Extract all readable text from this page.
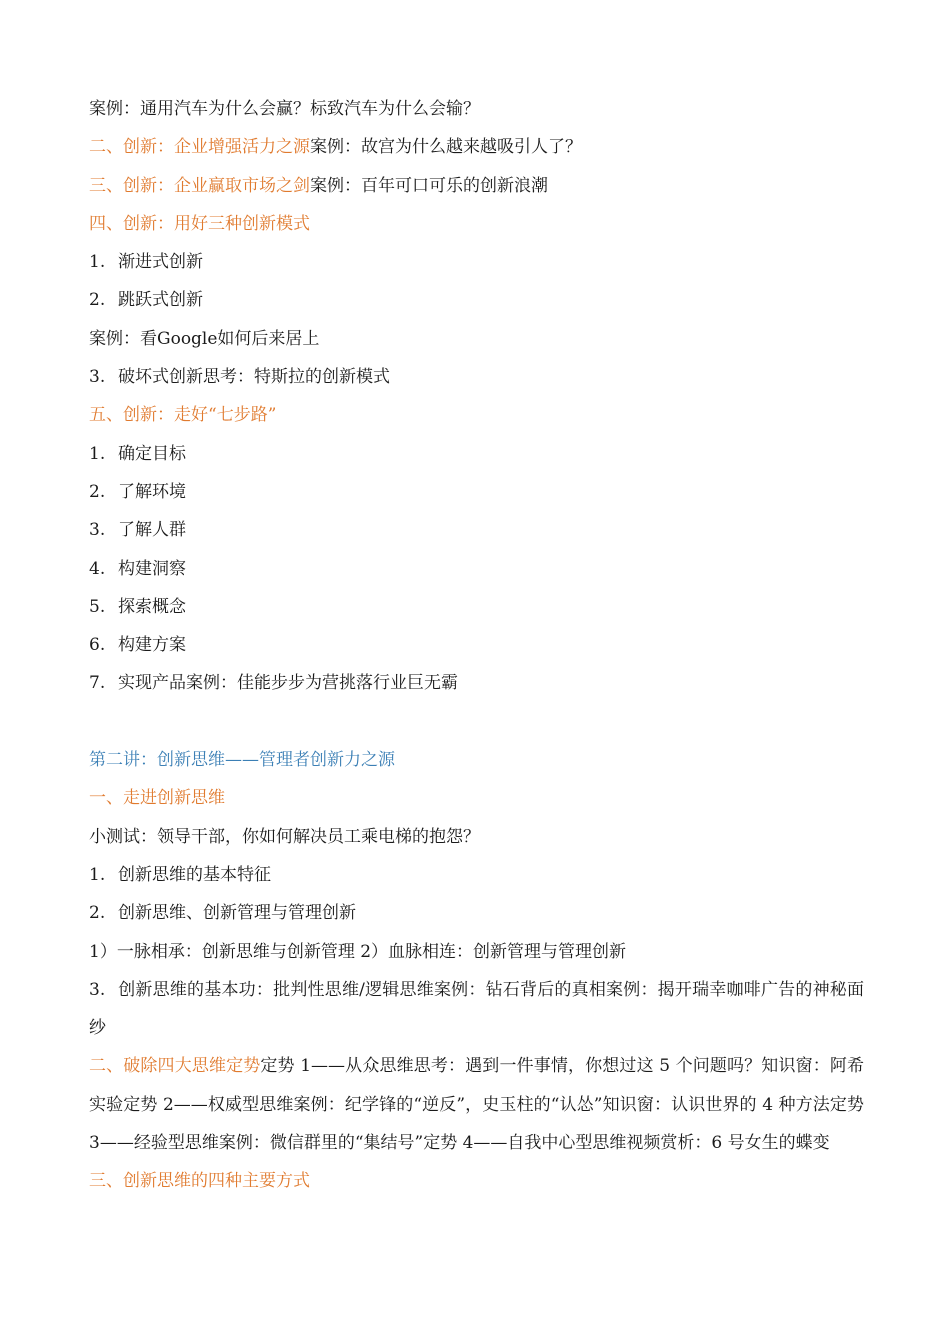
案例：通用汽车为什么会赢？标致汽车为什么会输？

二、创新：企业增强活力之源案例：故宫为什么越来越吸引人了？

三、创新：企业赢取市场之剑案例：百年可口可乐的创新浪潮

四、创新：用好三种创新模式

1. 渐进式创新

2. 跳跃式创新

案例：看Google如何后来居上

3. 破坏式创新思考：特斯拉的创新模式

五、创新：走好“七步路”

1. 确定目标

2. 了解环境

3. 了解人群

4. 构建洞察

5. 探索概念

6. 构建方案

7. 实现产品案例：佳能步步为营挑落行业巨无霸

第二讲：创新思维——管理者创新力之源

一、走进创新思维

小测试：领导干部，你如何解决员工乘电梯的抱怨？

1. 创新思维的基本特征

2. 创新思维、创新管理与管理创新

1）一脉相承：创新思维与创新管理 2）血脉相连：创新管理与管理创新

3. 创新思维的基本功：批判性思维/逻辑思维案例：钻石背后的真相案例：揭开瑞幸咖啡广告的神秘面纱

二、破除四大思维定势定势 1——从众思维思考：遇到一件事情，你想过这 5 个问题吗？知识窗：阿希实验定势 2——权威型思维案例：纪学锋的“逆反”，史玉柱的“认怂”知识窗：认识世界的 4 种方法定势 3——经验型思维案例：微信群里的“集结号”定势 4——自我中心型思维视频赏析：6 号女生的蝶变

三、创新思维的四种主要方式
